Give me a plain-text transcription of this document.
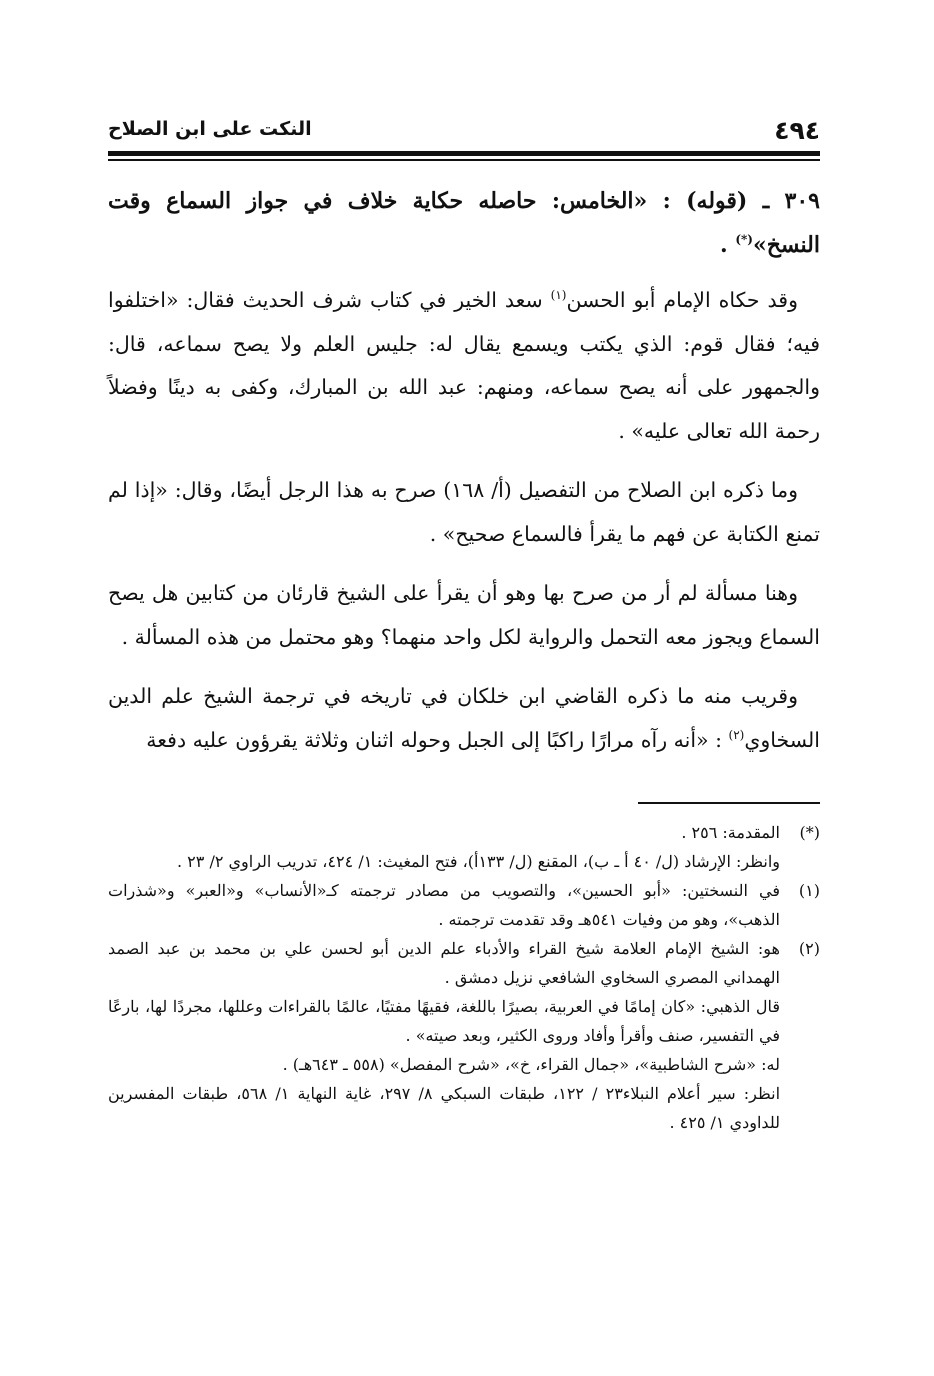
٤٩٤
النكت على ابن الصلاح

٣٠٩ ـ (قوله) : «الخامس: حاصله حكاية خلاف في جواز السماع وقت النسخ»(*) .

وقد حكاه الإمام أبو الحسن$^{(١)}$ سعد الخير في كتاب شرف الحديث فقال: «اختلفوا فيه؛ فقال قوم: الذي يكتب ويسمع يقال له: جليس العلم ولا يصح سماعه، قال: والجمهور على أنه يصح سماعه، ومنهم: عبد الله بن المبارك، وكفى به دينًا وفضلاً رحمة الله تعالى عليه» .

وما ذكره ابن الصلاح من التفصيل (أ/ ١٦٨) صرح به هذا الرجل أيضًا، وقال: «إذا لم تمنع الكتابة عن فهم ما يقرأ فالسماع صحيح» .

وهنا مسألة لم أر من صرح بها وهو أن يقرأ على الشيخ قارئان من كتابين هل يصح السماع ويجوز معه التحمل والرواية لكل واحد منهما؟ وهو محتمل من هذه المسألة .

وقريب منه ما ذكره القاضي ابن خلكان في تاريخه في ترجمة الشيخ علم الدين السخاوي$^{(٢)}$ : «أنه رآه مرارًا راكبًا إلى الجبل وحوله اثنان وثلاثة يقرؤون عليه دفعة

(*)
المقدمة: ٢٥٦ .
وانظر: الإرشاد (ل/ ٤٠ أ ـ ب)، المقنع (ل/ ١٣٣أ)، فتح المغيث: ١/ ٤٢٤، تدريب الراوي ٢/ ٢٣ .
(١)
في النسختين: «أبو الحسين»، والتصويب من مصادر ترجمته كـ«الأنساب» و«العبر» و«شذرات الذهب»، وهو من وفيات ٥٤١هـ وقد تقدمت ترجمته .
(٢)
هو: الشيخ الإمام العلامة شيخ القراء والأدباء علم الدين أبو لحسن علي بن محمد بن عبد الصمد الهمداني المصري السخاوي الشافعي نزيل دمشق .
قال الذهبي: «كان إمامًا في العربية، بصيرًا باللغة، فقيهًا مفتيًا، عالمًا بالقراءات وعللها، مجردًا لها، بارعًا في التفسير، صنف وأقرأ وأفاد وروى الكثير، وبعد صيته» .
له: «شرح الشاطبية»، «جمال القراء، خ»، «شرح المفصل» (٥٥٨ ـ ٦٤٣هـ) .
انظر: سير أعلام النبلاء٢٣ / ١٢٢، طبقات السبكي ٨/ ٢٩٧، غاية النهاية ١/ ٥٦٨، طبقات المفسرين للداودي ١/ ٤٢٥ .
